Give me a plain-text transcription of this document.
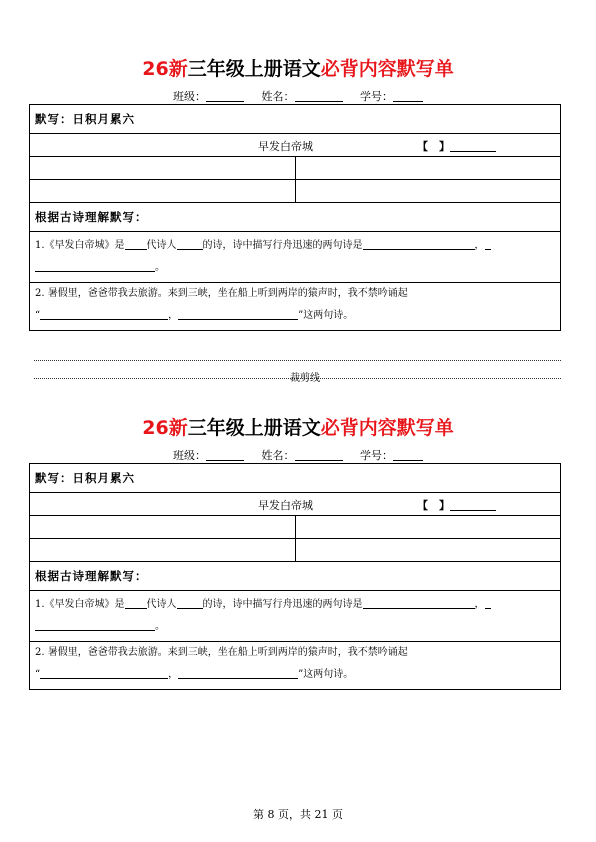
26新三年级上册语文必背内容默写单
班级：	姓名：	学号：
默写：日积月累六	

早发白帝城 【　】	

根据古诗理解默写：	
1.《早发白帝城》是 代诗人 的诗，诗中描写行舟迅速的两句诗是 ，
。	
2. 暑假里，爸爸带我去旅游。来到三峡，坐在船上听到两岸的猿声时，我不禁吟诵起
“ ， ”这两句诗。	
裁剪线
26新三年级上册语文必背内容默写单
班级：	姓名：	学号：
默写：日积月累六	

早发白帝城 【　】	

根据古诗理解默写：	
1.《早发白帝城》是 代诗人 的诗，诗中描写行舟迅速的两句诗是 ，
。	
2. 暑假里，爸爸带我去旅游。来到三峡，坐在船上听到两岸的猿声时，我不禁吟诵起
“ ， ”这两句诗。	
第 8 页，共 21 页
